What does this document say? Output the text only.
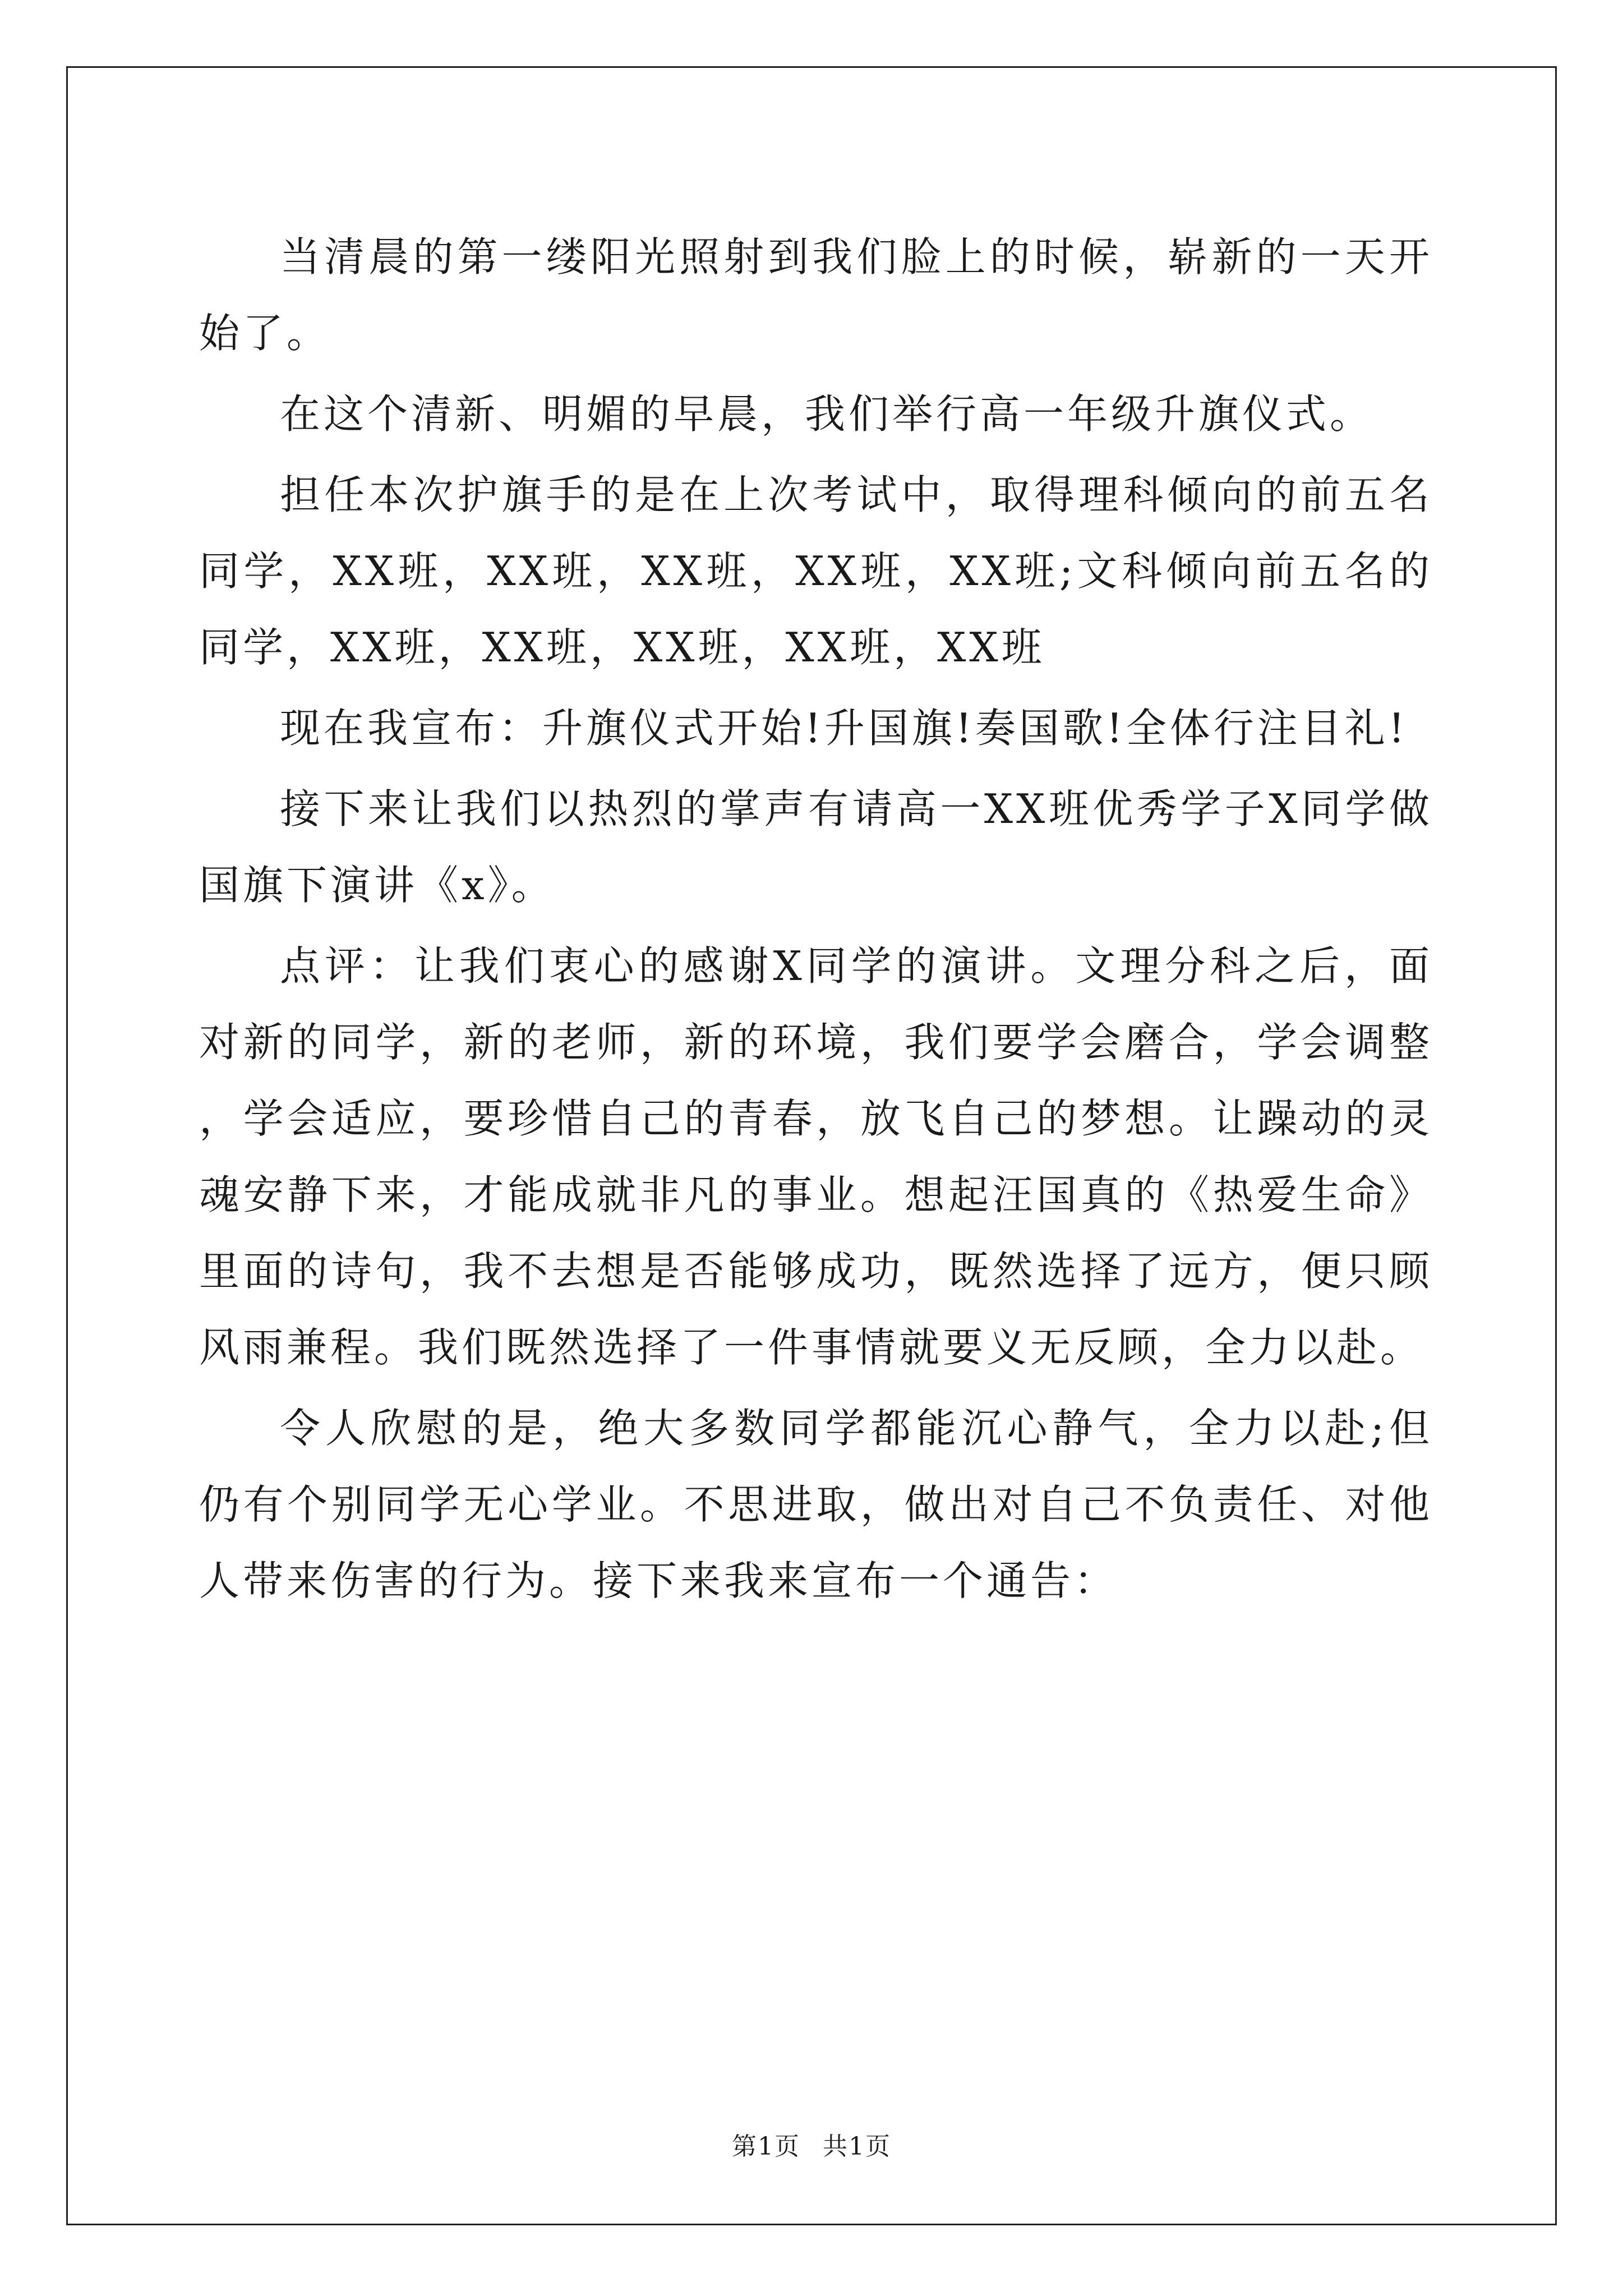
当清晨的第一缕阳光照射到我们脸上的时候，崭新的一天开始了。

在这个清新、明媚的早晨，我们举行高一年级升旗仪式。

担任本次护旗手的是在上次考试中，取得理科倾向的前五名同学，XX班，XX班，XX班，XX班，XX班;文科倾向前五名的同学，XX班，XX班，XX班，XX班，XX班

现在我宣布：升旗仪式开始!升国旗!奏国歌!全体行注目礼!

接下来让我们以热烈的掌声有请高一XX班优秀学子X同学做国旗下演讲《x》。

点评：让我们衷心的感谢X同学的演讲。文理分科之后，面对新的同学，新的老师，新的环境，我们要学会磨合，学会调整，学会适应，要珍惜自己的青春，放飞自己的梦想。让躁动的灵魂安静下来，才能成就非凡的事业。想起汪国真的《热爱生命》里面的诗句，我不去想是否能够成功，既然选择了远方，便只顾风雨兼程。我们既然选择了一件事情就要义无反顾，全力以赴。

令人欣慰的是，绝大多数同学都能沉心静气，全力以赴;但仍有个别同学无心学业。不思进取，做出对自己不负责任、对他人带来伤害的行为。接下来我来宣布一个通告：

第1页 共1页
